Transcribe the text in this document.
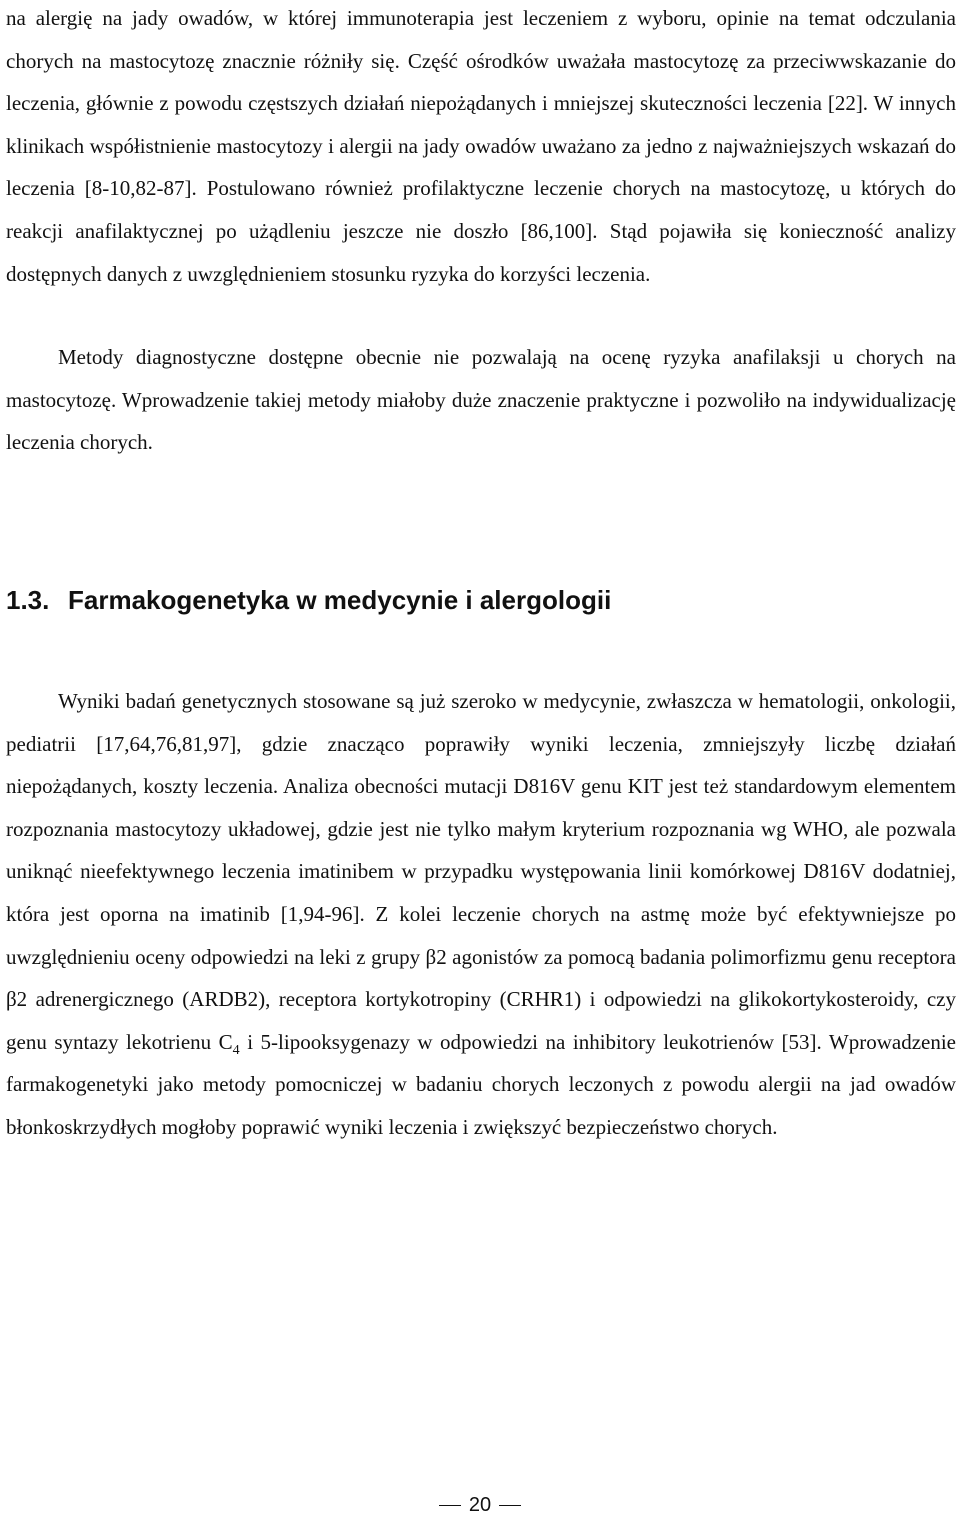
na alergię na jady owadów, w której immunoterapia jest leczeniem z wyboru, opinie na temat odczulania chorych na mastocytozę znacznie różniły się. Część ośrodków uważała mastocytozę za przeciwwskazanie do leczenia, głównie z powodu częstszych działań niepożądanych i mniejszej skuteczności leczenia [22]. W innych klinikach współistnienie mastocytozy i alergii na jady owadów uważano za jedno z najważniejszych wskazań do leczenia [8-10,82-87]. Postulowano również profilaktyczne leczenie chorych na mastocytozę, u których do reakcji anafilaktycznej po użądleniu jeszcze nie doszło [86,100]. Stąd pojawiła się konieczność analizy dostępnych danych z uwzględnieniem stosunku ryzyka do korzyści leczenia.

Metody diagnostyczne dostępne obecnie nie pozwalają na ocenę ryzyka anafilaksji u chorych na mastocytozę. Wprowadzenie takiej metody miałoby duże znaczenie praktyczne i pozwoliło na indywidualizację leczenia chorych.

1.3. Farmakogenetyka w medycynie i alergologii

Wyniki badań genetycznych stosowane są już szeroko w medycynie, zwłaszcza w hematologii, onkologii, pediatrii [17,64,76,81,97], gdzie znacząco poprawiły wyniki leczenia, zmniejszyły liczbę działań niepożądanych, koszty leczenia. Analiza obecności mutacji D816V genu KIT jest też standardowym elementem rozpoznania mastocytozy układowej, gdzie jest nie tylko małym kryterium rozpoznania wg WHO, ale pozwala uniknąć nieefektywnego leczenia imatinibem w przypadku występowania linii komórkowej D816V dodatniej, która jest oporna na imatinib [1,94-96]. Z kolei leczenie chorych na astmę może być efektywniejsze po uwzględnieniu oceny odpowiedzi na leki z grupy β2 agonistów za pomocą badania polimorfizmu genu receptora β2 adrenergicznego (ARDB2), receptora kortykotropiny (CRHR1) i odpowiedzi na glikokortykosteroidy, czy genu syntazy lekotrienu $C_4$ i 5-lipooksygenazy w odpowiedzi na inhibitory leukotrienów [53]. Wprowadzenie farmakogenetyki jako metody pomocniczej w badaniu chorych leczonych z powodu alergii na jad owadów błonkoskrzydłych mogłoby poprawić wyniki leczenia i zwiększyć bezpieczeństwo chorych.

20
